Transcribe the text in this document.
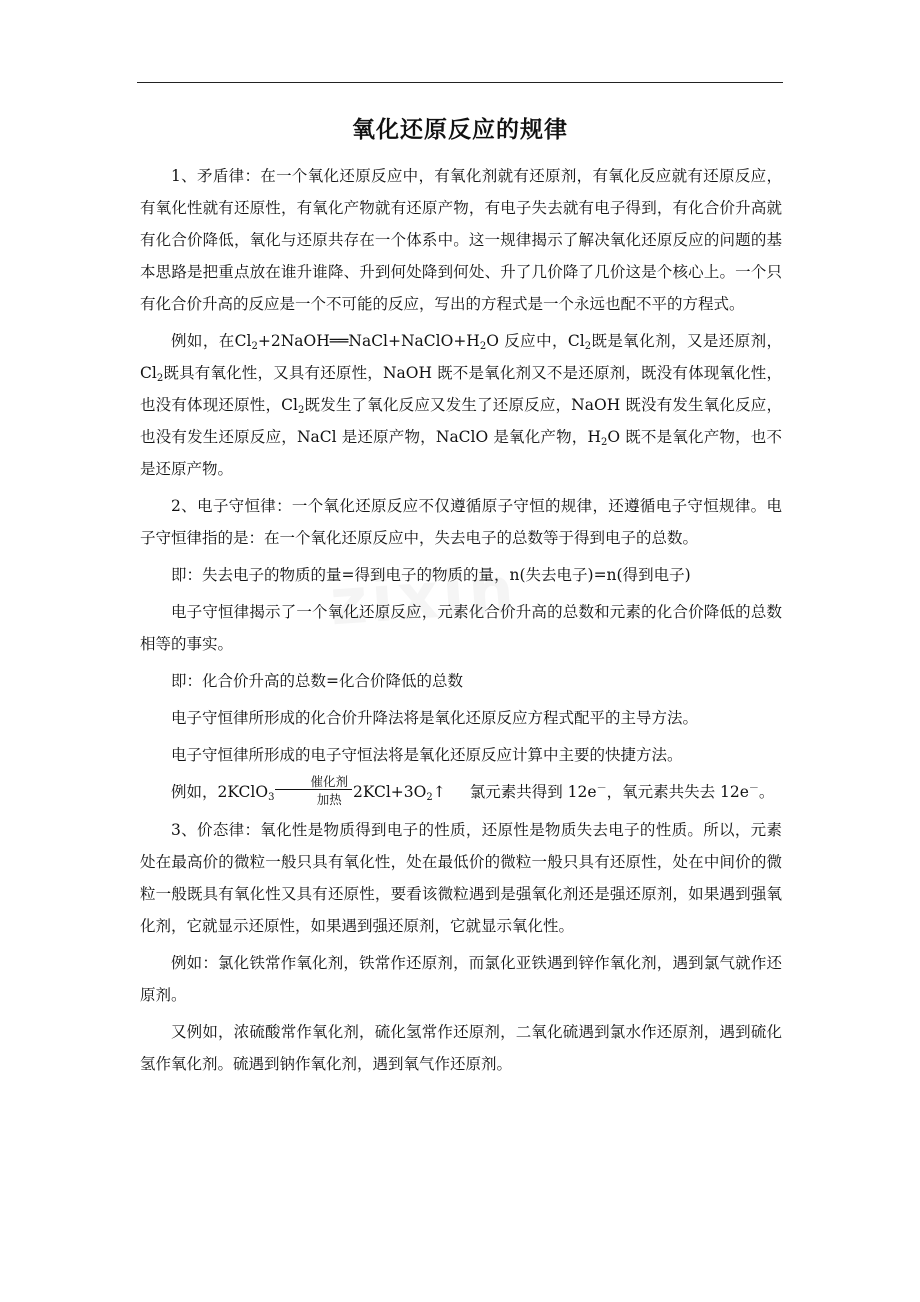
氧化还原反应的规律

1、矛盾律：在一个氧化还原反应中，有氧化剂就有还原剂，有氧化反应就有还原反应，有氧化性就有还原性，有氧化产物就有还原产物，有电子失去就有电子得到，有化合价升高就有化合价降低，氧化与还原共存在一个体系中。这一规律揭示了解决氧化还原反应的问题的基本思路是把重点放在谁升谁降、升到何处降到何处、升了几价降了几价这是个核心上。一个只有化合价升高的反应是一个不可能的反应，写出的方程式是一个永远也配不平的方程式。

例如，在$Cl_2+2NaOH══NaCl+NaClO+H_2O$ 反应中，$Cl_2$既是氧化剂，又是还原剂，$Cl_2$既具有氧化性，又具有还原性，NaOH 既不是氧化剂又不是还原剂，既没有体现氧化性，也没有体现还原性，$Cl_2$既发生了氧化反应又发生了还原反应，NaOH 既没有发生氧化反应，也没有发生还原反应，NaCl 是还原产物，NaClO 是氧化产物，$H_2O$ 既不是氧化产物，也不是还原产物。

2、电子守恒律：一个氧化还原反应不仅遵循原子守恒的规律，还遵循电子守恒规律。电子守恒律指的是：在一个氧化还原反应中，失去电子的总数等于得到电子的总数。

即：失去电子的物质的量=得到电子的物质的量，n(失去电子)=n(得到电子)

电子守恒律揭示了一个氧化还原反应，元素化合价升高的总数和元素的化合价降低的总数相等的事实。

即：化合价升高的总数=化合价降低的总数

电子守恒律所形成的化合价升降法将是氧化还原反应方程式配平的主导方法。

电子守恒律所形成的电子守恒法将是氧化还原反应计算中主要的快捷方法。

例如，2KClO$_3$ $\frac{\text{催化剂}}{\text{加热}}$ $2KCl+3O_2↑$ 氯元素共得到 12e－，氧元素共失去 12e－。

3、价态律：氧化性是物质得到电子的性质，还原性是物质失去电子的性质。所以，元素处在最高价的微粒一般只具有氧化性，处在最低价的微粒一般只具有还原性，处在中间价的微粒一般既具有氧化性又具有还原性，要看该微粒遇到是强氧化剂还是强还原剂，如果遇到强氧化剂，它就显示还原性，如果遇到强还原剂，它就显示氧化性。

例如：氯化铁常作氧化剂，铁常作还原剂，而氯化亚铁遇到锌作氧化剂，遇到氯气就作还原剂。

又例如，浓硫酸常作氧化剂，硫化氢常作还原剂，二氧化硫遇到氯水作还原剂，遇到硫化氢作氧化剂。硫遇到钠作氧化剂，遇到氧气作还原剂。
